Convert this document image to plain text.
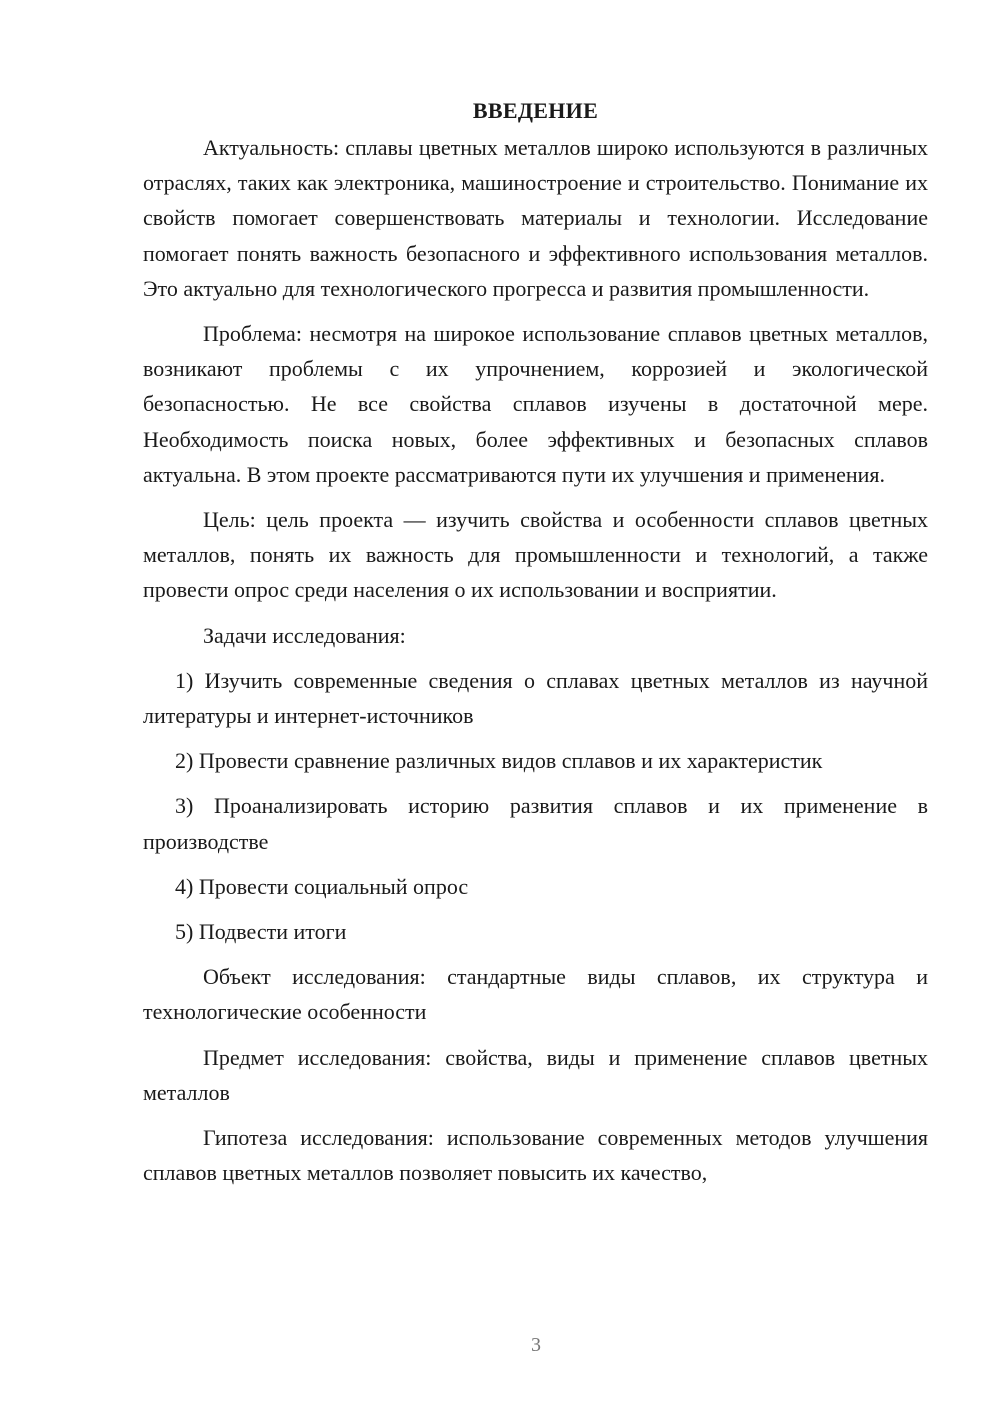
ВВЕДЕНИЕ

Актуальность: сплавы цветных металлов широко используются в различных отраслях, таких как электроника, машиностроение и строительство. Понимание их свойств помогает совершенствовать материалы и технологии. Исследование помогает понять важность безопасного и эффективного использования металлов. Это актуально для технологического прогресса и развития промышленности.

Проблема: несмотря на широкое использование сплавов цветных металлов, возникают проблемы с их упрочнением, коррозией и экологической безопасностью. Не все свойства сплавов изучены в достаточной мере. Необходимость поиска новых, более эффективных и безопасных сплавов актуальна. В этом проекте рассматриваются пути их улучшения и применения.

Цель: цель проекта — изучить свойства и особенности сплавов цветных металлов, понять их важность для промышленности и технологий, а также провести опрос среди населения о их использовании и восприятии.

Задачи исследования:

1) Изучить современные сведения о сплавах цветных металлов из научной литературы и интернет-источников

2) Провести сравнение различных видов сплавов и их характеристик

3) Проанализировать историю развития сплавов и их применение в производстве

4) Провести социальный опрос

5) Подвести итоги

Объект исследования: стандартные виды сплавов, их структура и технологические особенности

Предмет исследования: свойства, виды и применение сплавов цветных металлов

Гипотеза исследования: использование современных методов улучшения сплавов цветных металлов позволяет повысить их качество,

3
